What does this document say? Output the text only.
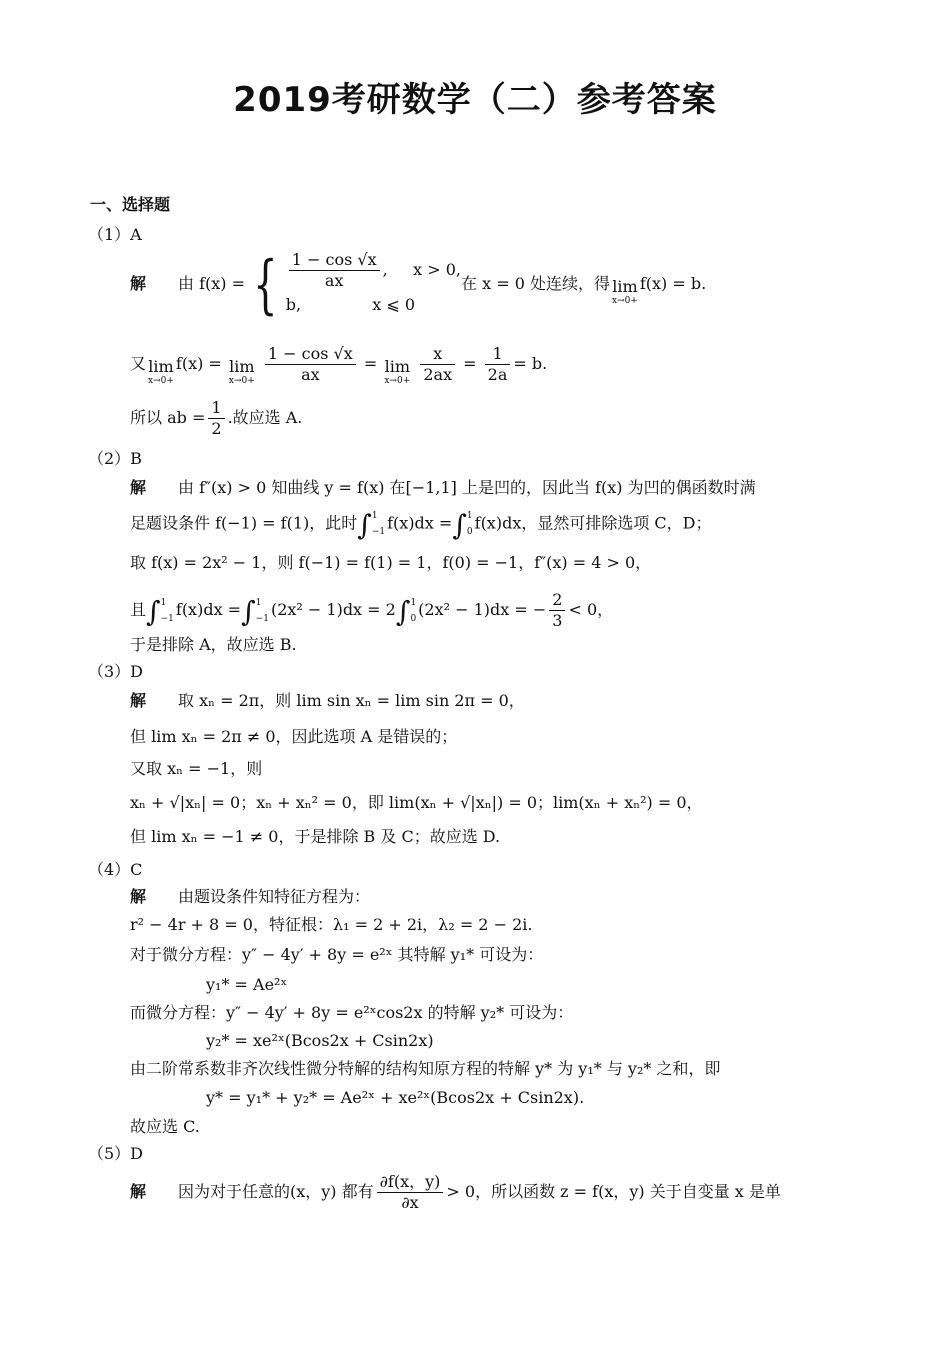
2019考研数学（二）参考答案
一、选择题
（1）A
解 由 f(x) = { $\frac{1 - \cos √x}{ax}$ ,     x > 0,
b,	x ⩽ 0
在 x = 0 处连续，得 lim
x→0+
f(x) = b.
又 lim
x→0+
f(x) = lim
x→0+
$\frac{1 - \cos √x}{ax} = \lim$
x→0+
$\frac{x}{2ax} = \frac{1}{2a} = b$.
所以 ab = $\frac{1}{2}$ .故应选 A.
（2）B
解 由 f″(x) > 0 知曲线 y = f(x) 在[−1,1] 上是凹的，因此当 f(x) 为凹的偶函数时满
足题设条件 f(−1) = f(1)，此时∫ 1
−1 f(x)dx =∫ 1
0 f(x)dx，显然可排除选项 C，D；
取 f(x) = 2x² − 1，则 f(−1) = f(1) = 1，f(0) = −1，f″(x) = 4 > 0，
且∫ 1
−1 f(x)dx =∫ 1
−1 (2x² − 1)dx = 2∫ 1
0 (2x² − 1)dx = − $\frac{2}{3} < 0$，
于是排除 A，故应选 B.
（3）D
解 取 xₙ = 2π，则 lim sin xₙ = lim sin 2π = 0，
但 lim xₙ = 2π ≠ 0，因此选项 A 是错误的；
又取 xₙ = −1，则
xₙ + √|xₙ| = 0；xₙ + xₙ² = 0，即 lim(xₙ + √|xₙ|) = 0；lim(xₙ + xₙ²) = 0，
但 lim xₙ = −1 ≠ 0，于是排除 B 及 C；故应选 D.
（4）C
解 由题设条件知特征方程为：
r² − 4r + 8 = 0，特征根：λ₁ = 2 + 2i，λ₂ = 2 − 2i.
对于微分方程：y″ − 4y′ + 8y = e²ˣ 其特解 y₁* 可设为：
y₁* = Ae²ˣ
而微分方程：y″ − 4y′ + 8y = e²ˣcos2x 的特解 y₂* 可设为：
y₂* = xe²ˣ(Bcos2x + Csin2x)
由二阶常系数非齐次线性微分特解的结构知原方程的特解 y* 为 y₁* 与 y₂* 之和，即
y* = y₁* + y₂* = Ae²ˣ + xe²ˣ(Bcos2x + Csin2x).
故应选 C.
（5）D
解 因为对于任意的(x，y) 都有 $\frac{\partial f(x,y)}{\partial x} > 0$，所以函数 z = f(x，y) 关于自变量 x 是单
